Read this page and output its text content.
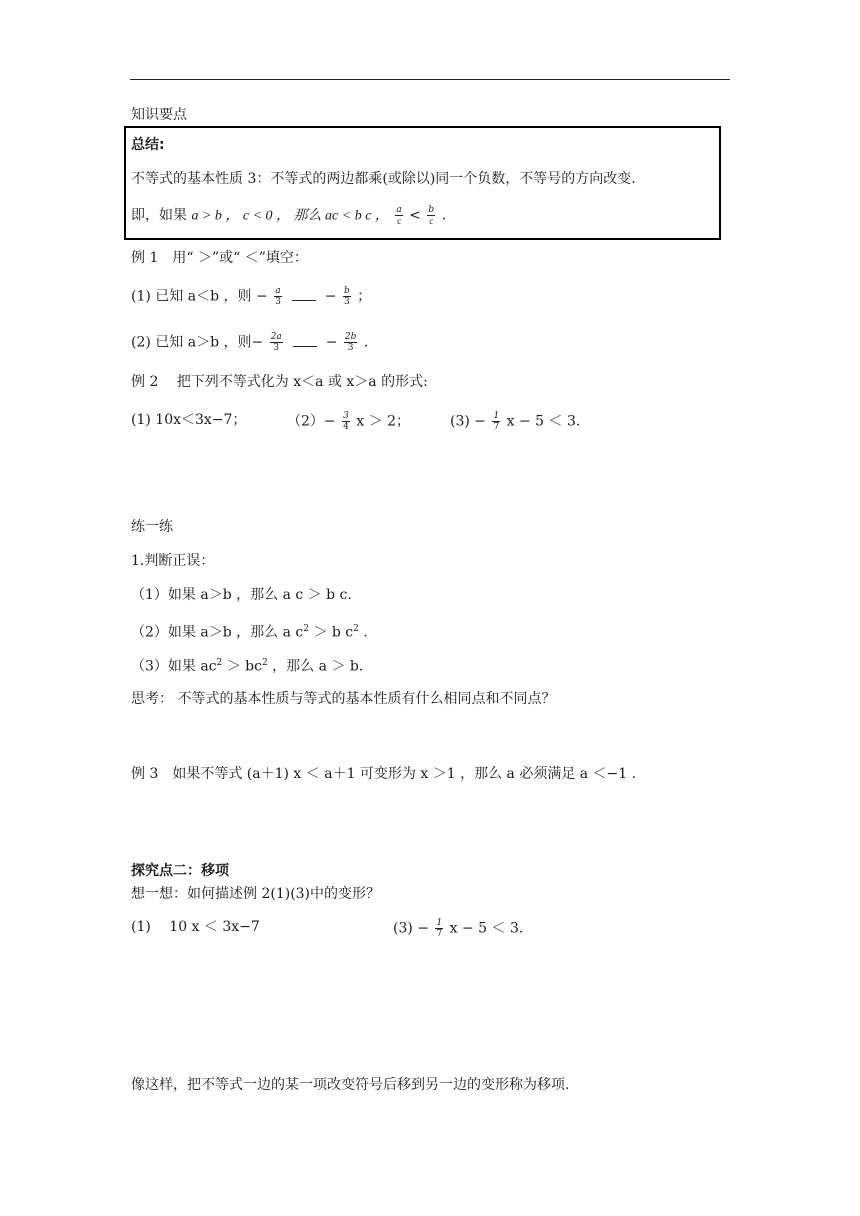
知识要点
总结:
不等式的基本性质 3：不等式的两边都乘(或除以)同一个负数，不等号的方向改变.
即，如果 a > b ， c < 0 ， 那么 ac < b c ， $\frac{a}{c} < \frac{b}{c}$ .
例 1　用“ ＞”或“ ＜”填空：
(1) 已知 a＜b ，则 − $\frac{a}{3}$	− $\frac{b}{3}$ ；
(2) 已知 a＞b ，则− $\frac{2a}{3}$	− $\frac{2b}{3}$ .
例 2　 把下列不等式化为 x＜a 或 x＞a 的形式:
(1) 10x＜3x−7；	$(2)- \frac{3}{4}$ x ＞ 2；	$(3) - \frac{1}{7}$ x − 5 ＜ 3.
练一练
1.判断正误：
（1）如果 a＞b ，那么 a c ＞ b c.
（2）如果 a＞b ，那么 a $c^2 > b$ $c^2$ .
（3）如果 $ac^2 > bc^2$ ，那么 a ＞ b.
思考： 不等式的基本性质与等式的基本性质有什么相同点和不同点？
例 3　如果不等式 (a＋1) x ＜ a＋1 可变形为 x ＞1 ，那么 a 必须满足 a ＜−1 .
探究点二：移项
想一想：如何描述例 2(1)(3)中的变形？
(1)　 10 x ＜ 3x−7	$(3) - \frac{1}{7}$ x − 5 ＜ 3.
像这样，把不等式一边的某一项改变符号后移到另一边的变形称为移项.
